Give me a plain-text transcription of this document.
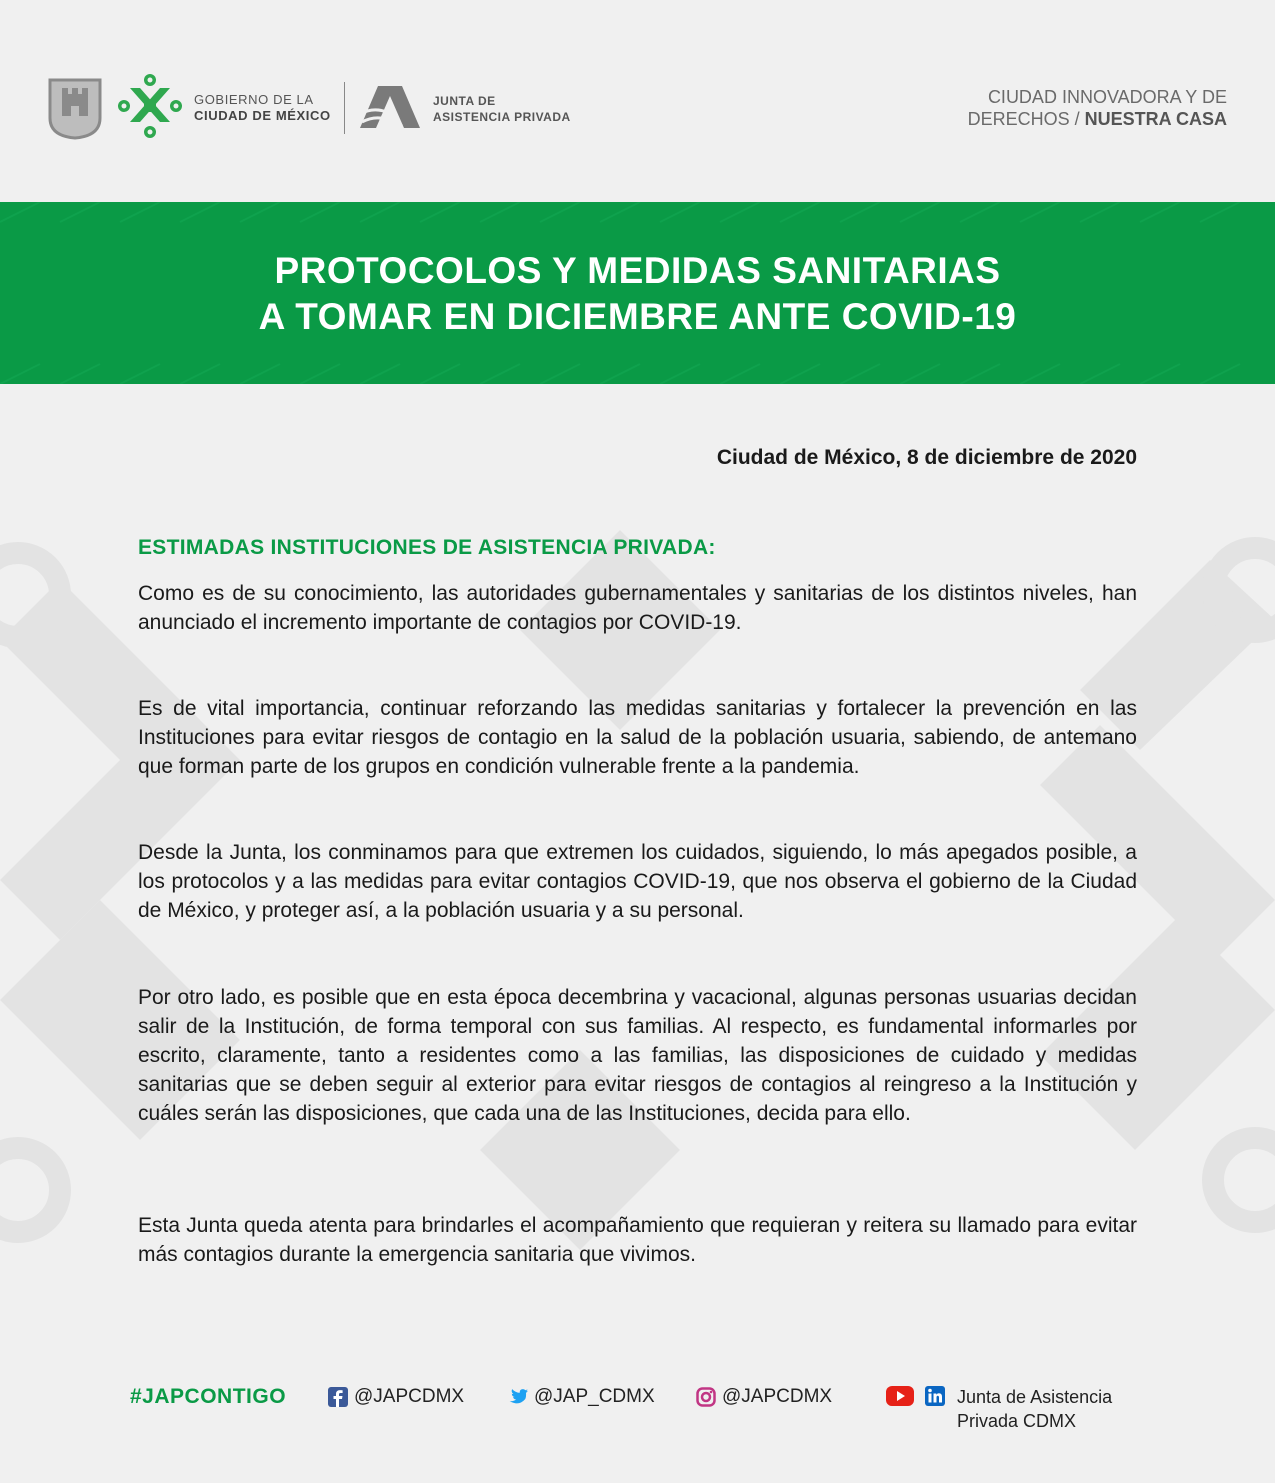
GOBIERNO DE LA
CIUDAD DE MÉXICO
JUNTA DE
ASISTENCIA PRIVADA
CIUDAD INNOVADORA Y DE
DERECHOS / NUESTRA CASA
PROTOCOLOS Y MEDIDAS SANITARIAS
A TOMAR EN DICIEMBRE ANTE COVID-19
Ciudad de México, 8 de diciembre de 2020
ESTIMADAS INSTITUCIONES DE ASISTENCIA PRIVADA:

Como es de su conocimiento, las autoridades gubernamentales y sanitarias de los distintos niveles, han anunciado el incremento importante de contagios por COVID-19.

Es de vital importancia, continuar reforzando las medidas sanitarias y fortalecer la prevención en las Instituciones para evitar riesgos de contagio en la salud de la población usuaria, sabiendo, de antemano que forman parte de los grupos en condición vulnerable frente a la pandemia.

Desde la Junta, los conminamos para que extremen los cuidados, siguiendo, lo más apegados posible, a los protocolos y a las medidas para evitar contagios COVID-19, que nos observa el gobierno de la Ciudad de México, y proteger así, a la población usuaria y a su personal.

Por otro lado, es posible que en esta época decembrina y vacacional, algunas personas usuarias decidan salir de la Institución, de forma temporal con sus familias. Al respecto, es fundamental informarles por escrito, claramente, tanto a residentes como a las familias, las disposiciones de cuidado y medidas sanitarias que se deben seguir al exterior para evitar riesgos de contagios al reingreso a la Institución y cuáles serán las disposiciones, que cada una de las Instituciones, decida para ello.

Esta Junta queda atenta para brindarles el acompañamiento que requieran y reitera su llamado para evitar más contagios durante la emergencia sanitaria que vivimos.

#JAPCONTIGO	@JAPCDMX	@JAP_CDMX	@JAPCDMX	Junta de Asistencia
Privada CDMX
